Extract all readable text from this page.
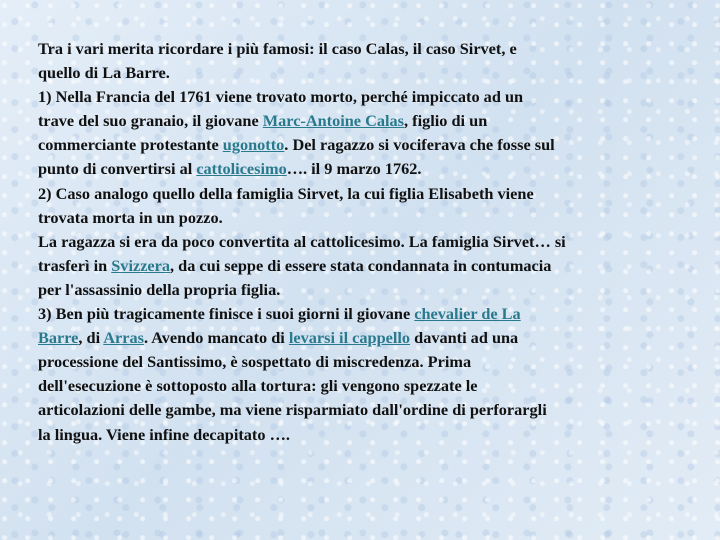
Tra i vari merita ricordare i più famosi: il caso Calas, il caso Sirvet, e
quello di La Barre.
1) Nella Francia del 1761 viene trovato morto, perché impiccato ad un
trave del suo granaio, il giovane Marc-Antoine Calas, figlio di un
commerciante protestante ugonotto. Del ragazzo si vociferava che fosse sul
punto di convertirsi al cattolicesimo…. il 9 marzo 1762.
2) Caso analogo quello della famiglia Sirvet, la cui figlia Elisabeth viene
trovata morta in un pozzo.
La ragazza si era da poco convertita al cattolicesimo. La famiglia Sirvet… si
trasferì in Svizzera, da cui seppe di essere stata condannata in contumacia
per l'assassinio della propria figlia.
3) Ben più tragicamente finisce i suoi giorni il giovane chevalier de La
Barre, di Arras. Avendo mancato di levarsi il cappello davanti ad una
processione del Santissimo, è sospettato di miscredenza. Prima
dell'esecuzione è sottoposto alla tortura: gli vengono spezzate le
articolazioni delle gambe, ma viene risparmiato dall'ordine di perforargli
la lingua. Viene infine decapitato ….
